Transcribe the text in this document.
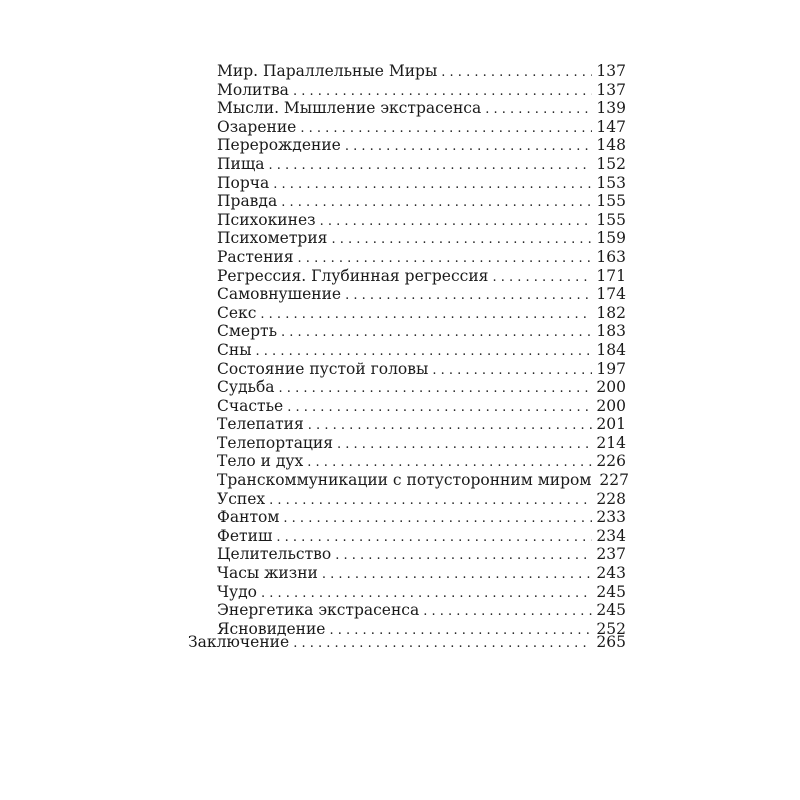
Мир. Параллельные Миры . . .	137
Молитва . . .	137
Мысли. Мышление экстрасенса . . .	139
Озарение . . .	147
Перерождение . . .	148
Пища . . .	152
Порча . . .	153
Правда . . .	155
Психокинез . . .	155
Психометрия . . .	159
Растения . . .	163
Регрессия. Глубинная регрессия . . .	171
Самовнушение . . .	174
Секс . . .	182
Смерть . . .	183
Сны . . .	184
Состояние пустой головы . . .	197
Судьба . . .	200
Счастье . . .	200
Телепатия . . .	201
Телепортация . . .	214
Тело и дух . . .	226
Транскоммуникации с потусторонним миром 227
Успех . . .	228
Фантом . . .	233
Фетиш . . .	234
Целительство . . .	237
Часы жизни . . .	243
Чудо . . .	245
Энергетика экстрасенса . . .	245
Ясновидение . . .	252
Заключение . . .	265
